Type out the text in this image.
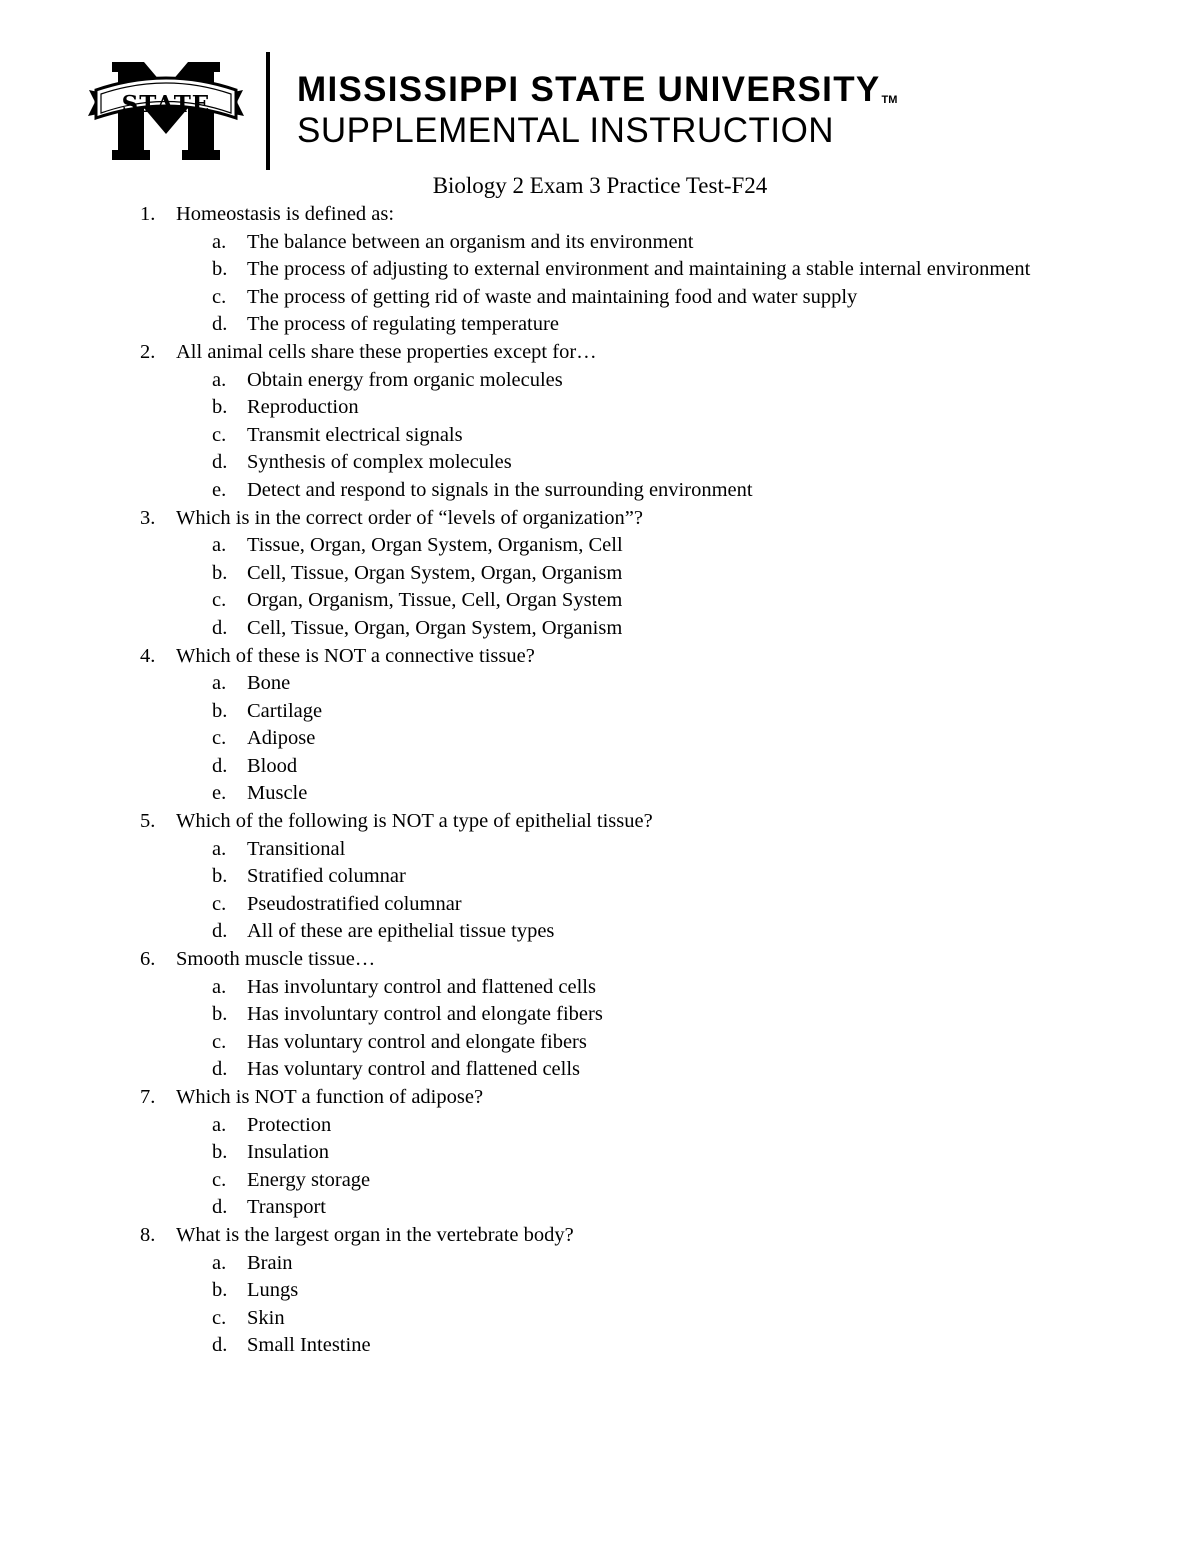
STATE MISSISSIPPI STATE UNIVERSITYTM
SUPPLEMENTAL INSTRUCTION
Biology 2 Exam 3 Practice Test-F24
1.	Homeostasis is defined as:
a. The balance between an organism and its environment
b. The process of adjusting to external environment and maintaining a stable internal environment
c. The process of getting rid of waste and maintaining food and water supply
d. The process of regulating temperature
2.	All animal cells share these properties except for…
a. Obtain energy from organic molecules
b. Reproduction
c. Transmit electrical signals
d. Synthesis of complex molecules
e. Detect and respond to signals in the surrounding environment
3.	Which is in the correct order of “levels of organization”?
a. Tissue, Organ, Organ System, Organism, Cell
b. Cell, Tissue, Organ System, Organ, Organism
c. Organ, Organism, Tissue, Cell, Organ System
d. Cell, Tissue, Organ, Organ System, Organism
4.	Which of these is NOT a connective tissue?
a. Bone
b. Cartilage
c. Adipose
d. Blood
e. Muscle
5.	Which of the following is NOT a type of epithelial tissue?
a. Transitional
b. Stratified columnar
c. Pseudostratified columnar
d. All of these are epithelial tissue types
6.	Smooth muscle tissue…
a. Has involuntary control and flattened cells
b. Has involuntary control and elongate fibers
c. Has voluntary control and elongate fibers
d. Has voluntary control and flattened cells
7.	Which is NOT a function of adipose?
a. Protection
b. Insulation
c. Energy storage
d. Transport
8.	What is the largest organ in the vertebrate body?
a. Brain
b. Lungs
c. Skin
d. Small Intestine
